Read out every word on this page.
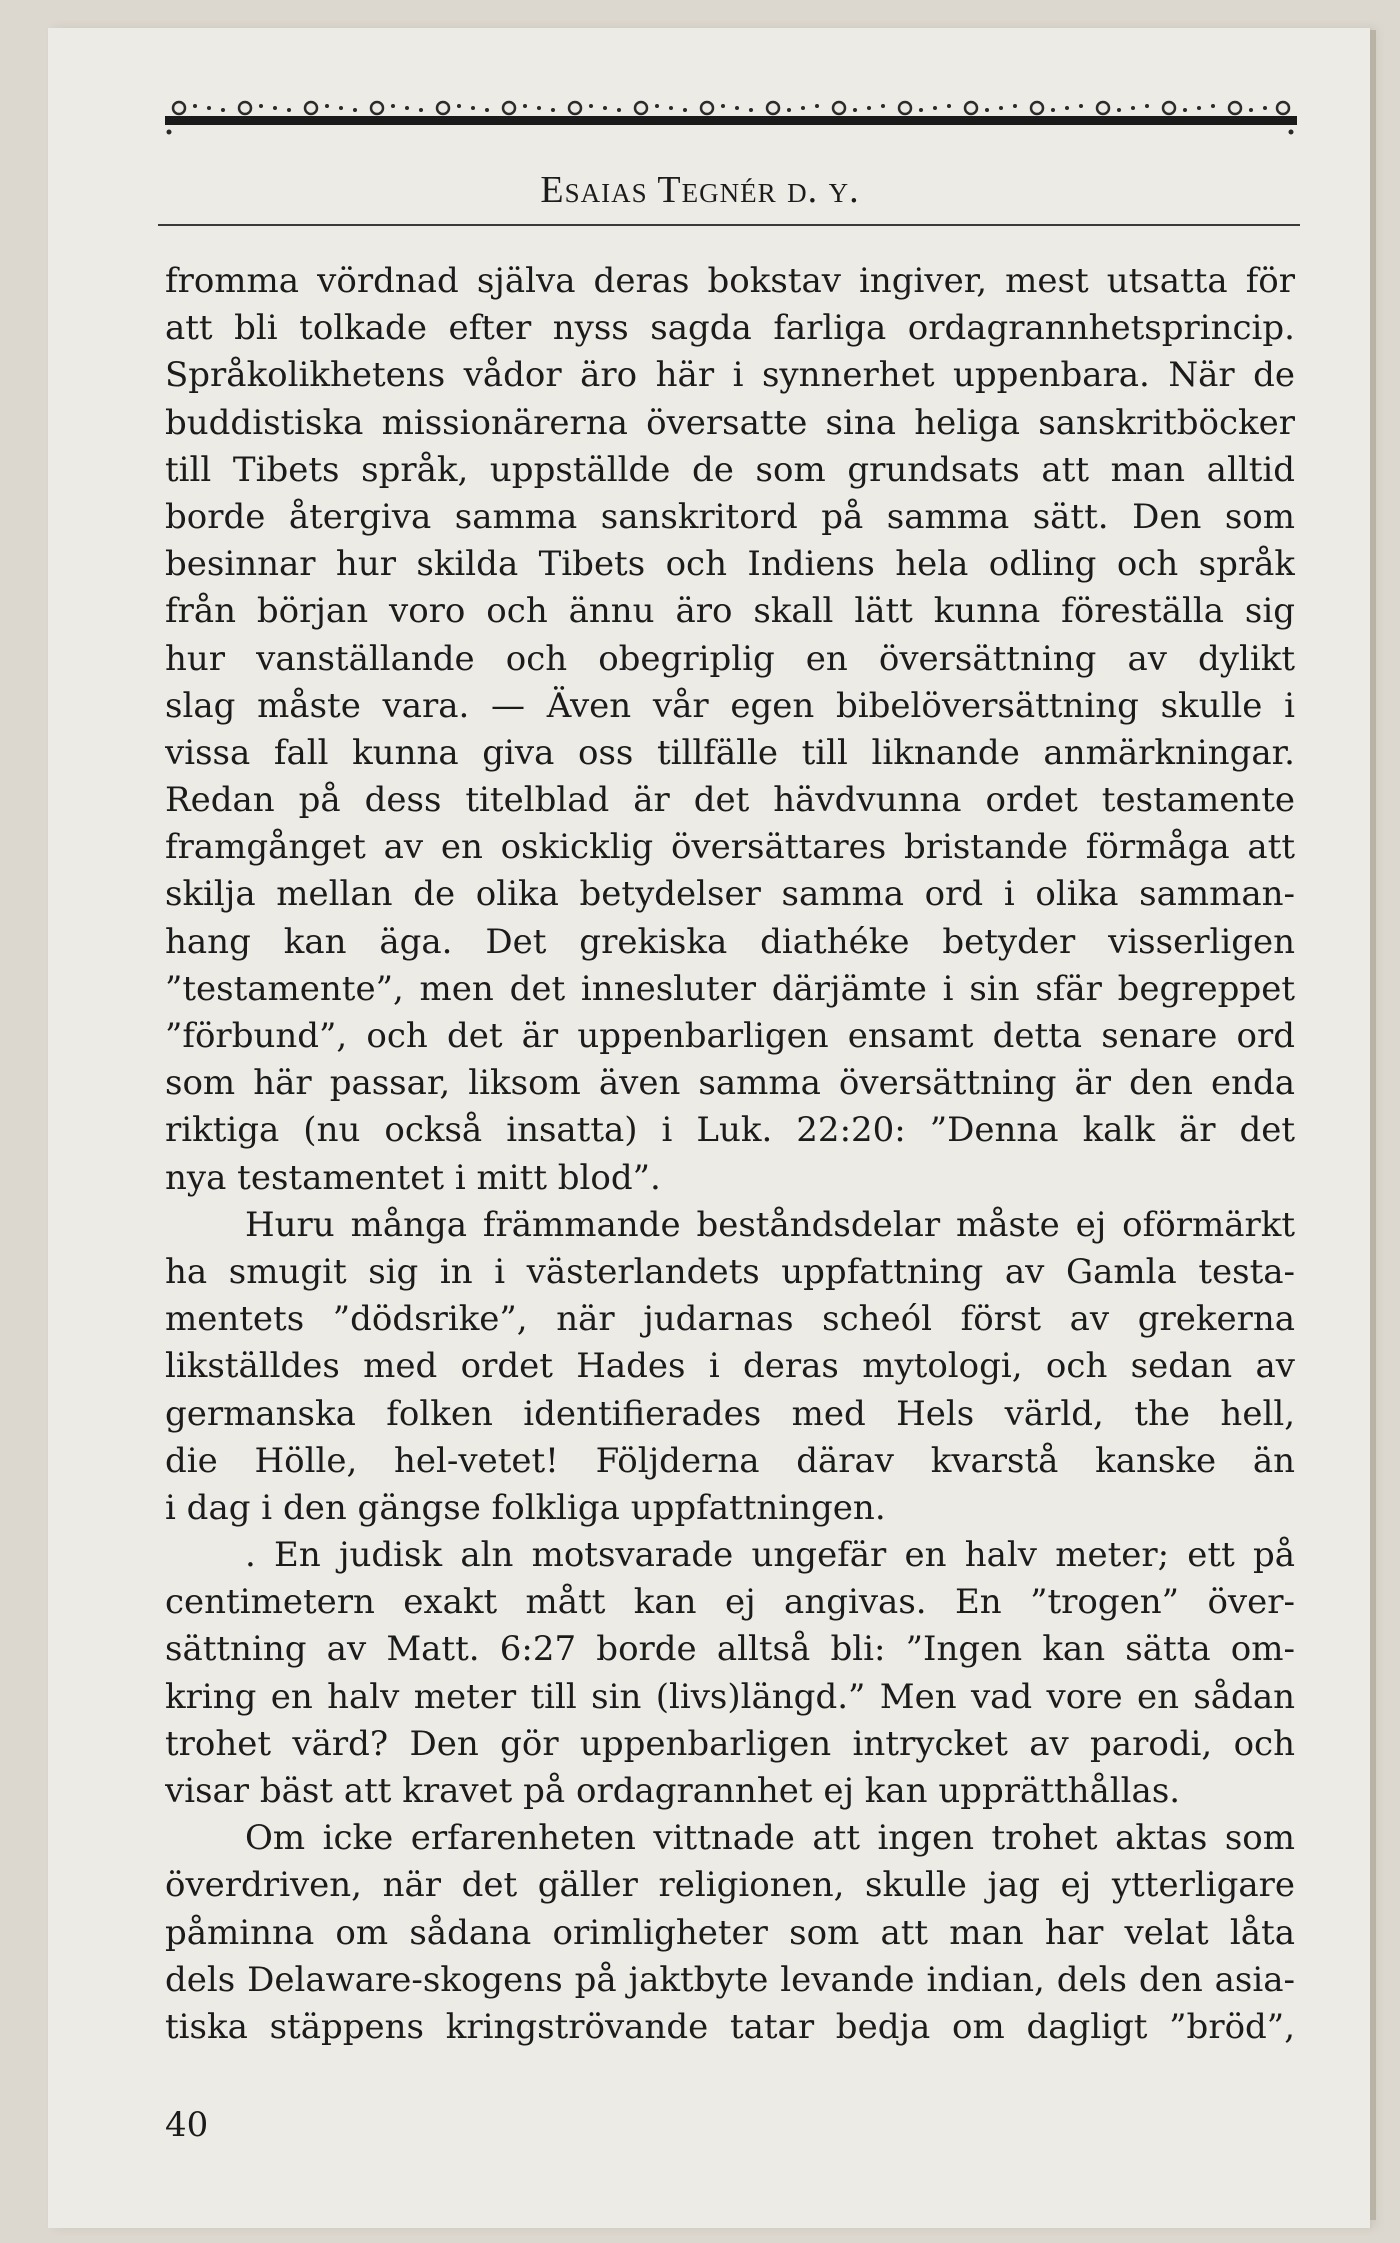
Esaias Tegnér d. y.
fromma vördnad själva deras bokstav ingiver, mest utsatta för
att bli tolkade efter nyss sagda farliga ordagrannhetsprincip.
Språkolikhetens vådor äro här i synnerhet uppenbara. När de
buddistiska missionärerna översatte sina heliga sanskritböcker
till Tibets språk, uppställde de som grundsats att man alltid
borde återgiva samma sanskritord på samma sätt. Den som
besinnar hur skilda Tibets och Indiens hela odling och språk
från början voro och ännu äro skall lätt kunna föreställa sig
hur vanställande och obegriplig en översättning av dylikt
slag måste vara. — Även vår egen bibelöversättning skulle i
vissa fall kunna giva oss tillfälle till liknande anmärkningar.
Redan på dess titelblad är det hävdvunna ordet testamente
framgånget av en oskicklig översättares bristande förmåga att
skilja mellan de olika betydelser samma ord i olika samman-
hang kan äga. Det grekiska diathéke betyder visserligen
”testamente”, men det innesluter därjämte i sin sfär begreppet
”förbund”, och det är uppenbarligen ensamt detta senare ord
som här passar, liksom även samma översättning är den enda
riktiga (nu också insatta) i Luk. 22:20: ”Denna kalk är det
nya testamentet i mitt blod”.
Huru många främmande beståndsdelar måste ej oförmärkt
ha smugit sig in i västerlandets uppfattning av Gamla testa-
mentets ”dödsrike”, när judarnas scheól först av grekerna
likställdes med ordet Hades i deras mytologi, och sedan av
germanska folken identifierades med Hels värld, the hell,
die Hölle, hel-vetet! Följderna därav kvarstå kanske än
i dag i den gängse folkliga uppfattningen.
. En judisk aln motsvarade ungefär en halv meter; ett på
centimetern exakt mått kan ej angivas. En ”trogen” över-
sättning av Matt. 6:27 borde alltså bli: ”Ingen kan sätta om-
kring en halv meter till sin (livs)längd.” Men vad vore en sådan
trohet värd? Den gör uppenbarligen intrycket av parodi, och
visar bäst att kravet på ordagrannhet ej kan upprätthållas.
Om icke erfarenheten vittnade att ingen trohet aktas som
överdriven, när det gäller religionen, skulle jag ej ytterligare
påminna om sådana orimligheter som att man har velat låta
dels Delaware-skogens på jaktbyte levande indian, dels den asia-
tiska stäppens kringströvande tatar bedja om dagligt ”bröd”,
40
